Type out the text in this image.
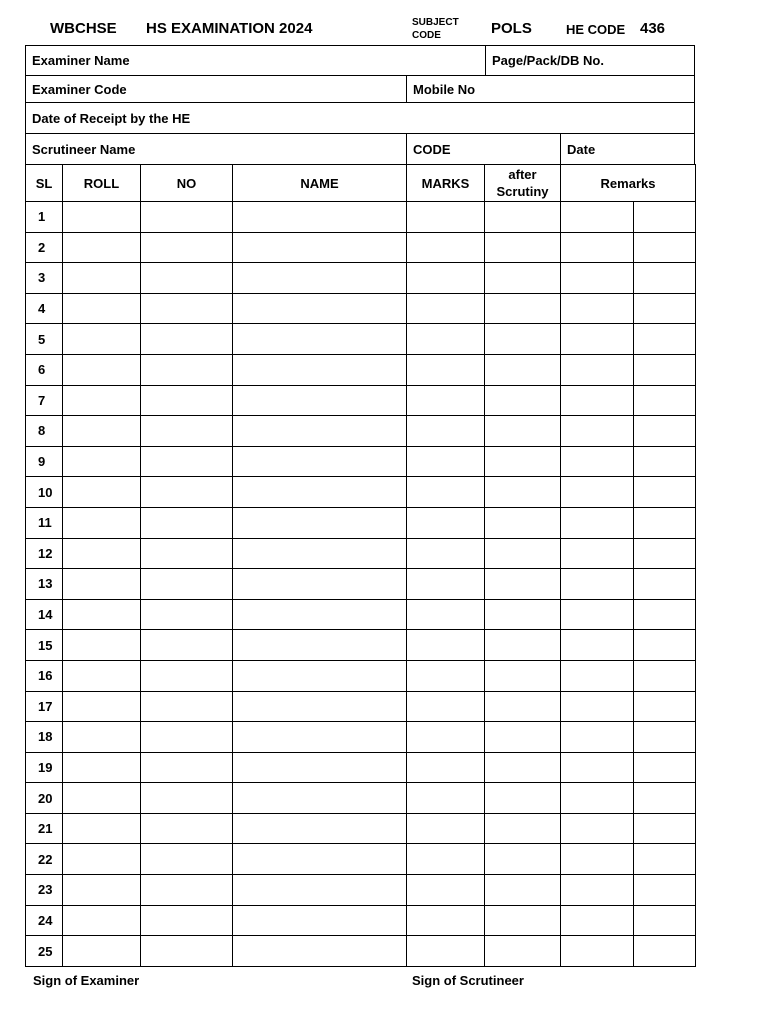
WBCHSE HS EXAMINATION 2024	SUBJECT
CODE	POLS	HE CODE 436
Examiner Name	Page/Pack/DB No.
Examiner Code	Mobile No
Date of Receipt by the HE
Scrutineer Name	CODE	Date
SL	ROLL	NO	NAME	MARKS	after
Scrutiny	Remarks	
1							
2							
3							
4							
5							
6							
7							
8							
9							
10							
11							
12							
13							
14							
15							
16							
17							
18							
19							
20							
21							
22							
23							
24							
25							
Sign of Examiner	Sign of Scrutineer
